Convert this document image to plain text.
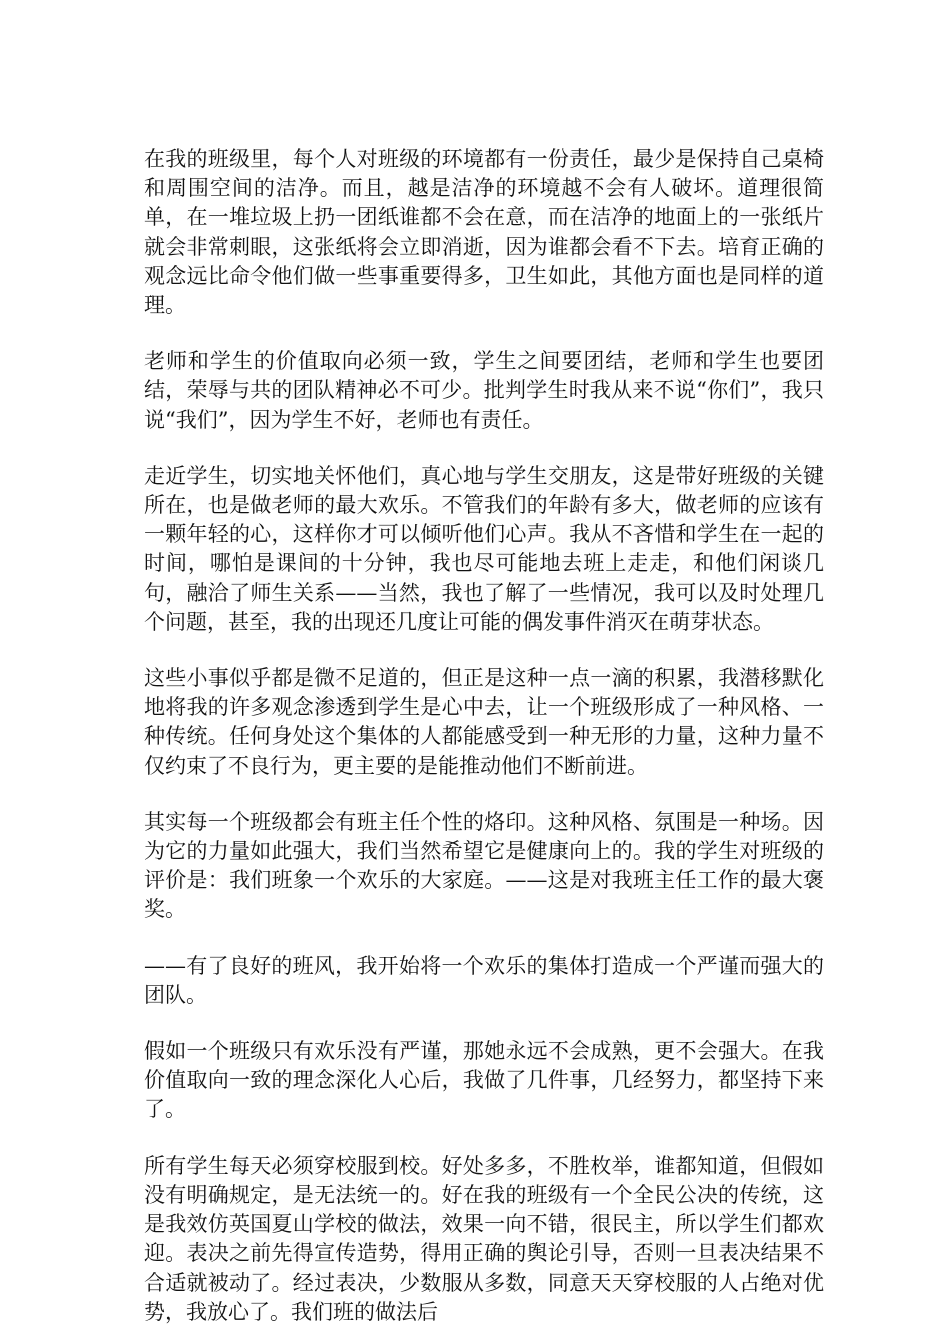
在我的班级里，每个人对班级的环境都有一份责任，最少是保持自己桌椅和周围空间的洁净。而且，越是洁净的环境越不会有人破坏。道理很简单，在一堆垃圾上扔一团纸谁都不会在意，而在洁净的地面上的一张纸片就会非常刺眼，这张纸将会立即消逝，因为谁都会看不下去。培育正确的观念远比命令他们做一些事重要得多，卫生如此，其他方面也是同样的道理。

老师和学生的价值取向必须一致，学生之间要团结，老师和学生也要团结，荣辱与共的团队精神必不可少。批判学生时我从来不说“你们”，我只说“我们”，因为学生不好，老师也有责任。

走近学生，切实地关怀他们，真心地与学生交朋友，这是带好班级的关键所在，也是做老师的最大欢乐。不管我们的年龄有多大，做老师的应该有一颗年轻的心，这样你才可以倾听他们心声。我从不吝惜和学生在一起的时间，哪怕是课间的十分钟，我也尽可能地去班上走走，和他们闲谈几句，融洽了师生关系——当然，我也了解了一些情况，我可以及时处理几个问题，甚至，我的出现还几度让可能的偶发事件消灭在萌芽状态。

这些小事似乎都是微不足道的，但正是这种一点一滴的积累，我潜移默化地将我的许多观念渗透到学生是心中去，让一个班级形成了一种风格、一种传统。任何身处这个集体的人都能感受到一种无形的力量，这种力量不仅约束了不良行为，更主要的是能推动他们不断前进。

其实每一个班级都会有班主任个性的烙印。这种风格、氛围是一种场。因为它的力量如此强大，我们当然希望它是健康向上的。我的学生对班级的评价是：我们班象一个欢乐的大家庭。——这是对我班主任工作的最大褒奖。

——有了良好的班风，我开始将一个欢乐的集体打造成一个严谨而强大的团队。

假如一个班级只有欢乐没有严谨，那她永远不会成熟，更不会强大。在我价值取向一致的理念深化人心后，我做了几件事，几经努力，都坚持下来了。

所有学生每天必须穿校服到校。好处多多，不胜枚举，谁都知道，但假如没有明确规定，是无法统一的。好在我的班级有一个全民公决的传统，这是我效仿英国夏山学校的做法，效果一向不错，很民主，所以学生们都欢迎。表决之前先得宣传造势，得用正确的舆论引导，否则一旦表决结果不合适就被动了。经过表决，少数服从多数，同意天天穿校服的人占绝对优势，我放心了。我们班的做法后
